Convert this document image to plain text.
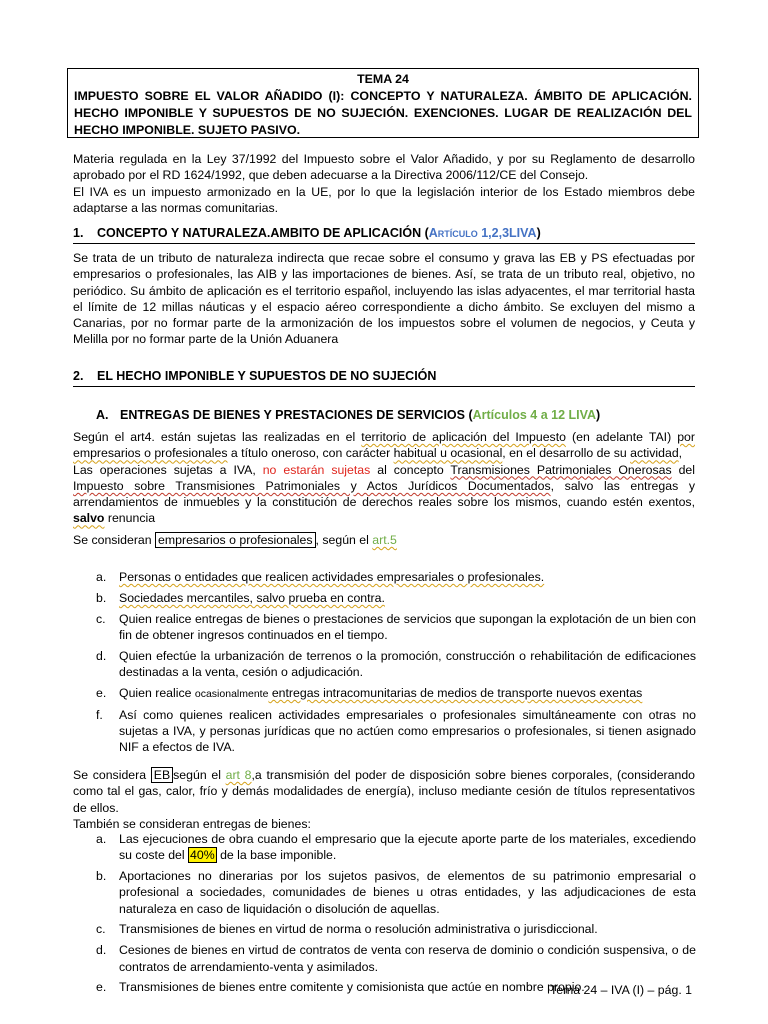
TEMA 24
IMPUESTO SOBRE EL VALOR AÑADIDO (I): CONCEPTO Y NATURALEZA. ÁMBITO DE APLICACIÓN. HECHO IMPONIBLE Y SUPUESTOS DE NO SUJECIÓN. EXENCIONES. LUGAR DE REALIZACIÓN DEL HECHO IMPONIBLE. SUJETO PASIVO.
Materia regulada en la Ley 37/1992 del Impuesto sobre el Valor Añadido, y por su Reglamento de desarrollo aprobado por el RD 1624/1992, que deben adecuarse a la Directiva 2006/112/CE del Consejo.
El IVA es un impuesto armonizado en la UE, por lo que la legislación interior de los Estado miembros debe adaptarse a las normas comunitarias.
1. CONCEPTO Y NATURALEZA.AMBITO DE APLICACIÓN (Artículo 1,2,3LIVA)
Se trata de un tributo de naturaleza indirecta que recae sobre el consumo y grava las EB y PS efectuadas por empresarios o profesionales, las AIB y las importaciones de bienes. Así, se trata de un tributo real, objetivo, no periódico. Su ámbito de aplicación es el territorio español, incluyendo las islas adyacentes, el mar territorial hasta el límite de 12 millas náuticas y el espacio aéreo correspondiente a dicho ámbito. Se excluyen del mismo a Canarias, por no formar parte de la armonización de los impuestos sobre el volumen de negocios, y Ceuta y Melilla por no formar parte de la Unión Aduanera
2. EL HECHO IMPONIBLE Y SUPUESTOS DE NO SUJECIÓN
A. ENTREGAS DE BIENES Y PRESTACIONES DE SERVICIOS (Artículos 4 a 12 LIVA)
Según el art4. están sujetas las realizadas en el territorio de aplicación del Impuesto (en adelante TAI) por empresarios o profesionales a título oneroso, con carácter habitual u ocasional, en el desarrollo de su actividad,
Las operaciones sujetas a IVA, no estarán sujetas al concepto Transmisiones Patrimoniales Onerosas del Impuesto sobre Transmisiones Patrimoniales y Actos Jurídicos Documentados, salvo las entregas y arrendamientos de inmuebles y la constitución de derechos reales sobre los mismos, cuando estén exentos, salvo renuncia
Se consideran empresarios o profesionales , según el art.5
a. Personas o entidades que realicen actividades empresariales o profesionales.
b. Sociedades mercantiles, salvo prueba en contra.
c. Quien realice entregas de bienes o prestaciones de servicios que supongan la explotación de un bien con fin de obtener ingresos continuados en el tiempo.
d. Quien efectúe la urbanización de terrenos o la promoción, construcción o rehabilitación de edificaciones destinadas a la venta, cesión o adjudicación.
e. Quien realice ocasionalmente entregas intracomunitarias de medios de transporte nuevos exentas
f. Así como quienes realicen actividades empresariales o profesionales simultáneamente con otras no sujetas a IVA, y personas jurídicas que no actúen como empresarios o profesionales, si tienen asignado NIF a efectos de IVA.
Se considera EB según el art 8,a transmisión del poder de disposición sobre bienes corporales, (considerando como tal el gas, calor, frío y demás modalidades de energía), incluso mediante cesión de títulos representativos de ellos.
También se consideran entregas de bienes:
a. Las ejecuciones de obra cuando el empresario que la ejecute aporte parte de los materiales, excediendo su coste del 40% de la base imponible.
b. Aportaciones no dinerarias por los sujetos pasivos, de elementos de su patrimonio empresarial o profesional a sociedades, comunidades de bienes u otras entidades, y las adjudicaciones de esta naturaleza en caso de liquidación o disolución de aquellas.
c. Transmisiones de bienes en virtud de norma o resolución administrativa o jurisdiccional.
d. Cesiones de bienes en virtud de contratos de venta con reserva de dominio o condición suspensiva, o de contratos de arrendamiento-venta y asimilados.
e. Transmisiones de bienes entre comitente y comisionista que actúe en nombre propio.
Tema 24 – IVA (I) – pág. 1
